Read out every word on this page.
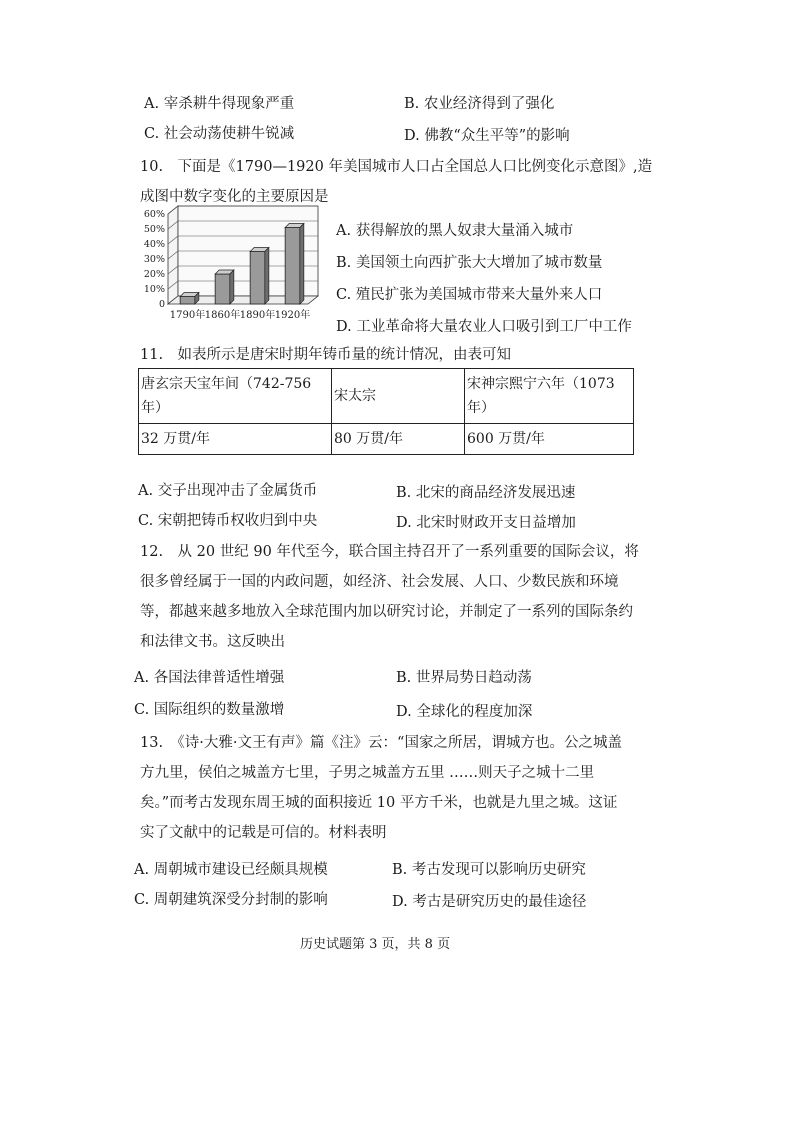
A. 宰杀耕牛得现象严重	B. 农业经济得到了强化
C. 社会动荡使耕牛锐减	D. 佛教“众生平等”的影响
10.　下面是《1790—1920 年美国城市人口占全国总人口比例变化示意图》,造
成图中数字变化的主要原因是
0
10%
20%
30%
40%
50%
60%
1790年 1860年 1890年 1920年
A. 获得解放的黑人奴隶大量涌入城市
B. 美国领土向西扩张大大增加了城市数量
C. 殖民扩张为美国城市带来大量外来人口
D. 工业革命将大量农业人口吸引到工厂中工作
11.　如表所示是唐宋时期年铸币量的统计情况，由表可知
唐玄宗天宝年间（742-756 年）	宋太宗	宋神宗熙宁六年（1073 年）
32 万贯/年	80 万贯/年	600 万贯/年
A. 交子出现冲击了金属货币	B. 北宋的商品经济发展迅速
C. 宋朝把铸币权收归到中央	D. 北宋时财政开支日益增加
12.　从 20 世纪 90 年代至今，联合国主持召开了一系列重要的国际会议，将
很多曾经属于一国的内政问题，如经济、社会发展、人口、少数民族和环境
等，都越来越多地放入全球范围内加以研究讨论，并制定了一系列的国际条约
和法律文书。这反映出
A. 各国法律普适性增强	B. 世界局势日趋动荡
C. 国际组织的数量激增	D. 全球化的程度加深
13.　《诗·大雅·文王有声》篇《注》云：“国家之所居，谓城方也。公之城盖
方九里，侯伯之城盖方七里，子男之城盖方五里 ……则天子之城十二里
矣。”而考古发现东周王城的面积接近 10 平方千米，也就是九里之城。这证
实了文献中的记载是可信的。材料表明
A. 周朝城市建设已经颇具规模	B. 考古发现可以影响历史研究
C. 周朝建筑深受分封制的影响	D. 考古是研究历史的最佳途径
历史试题第 3 页，共 8 页
